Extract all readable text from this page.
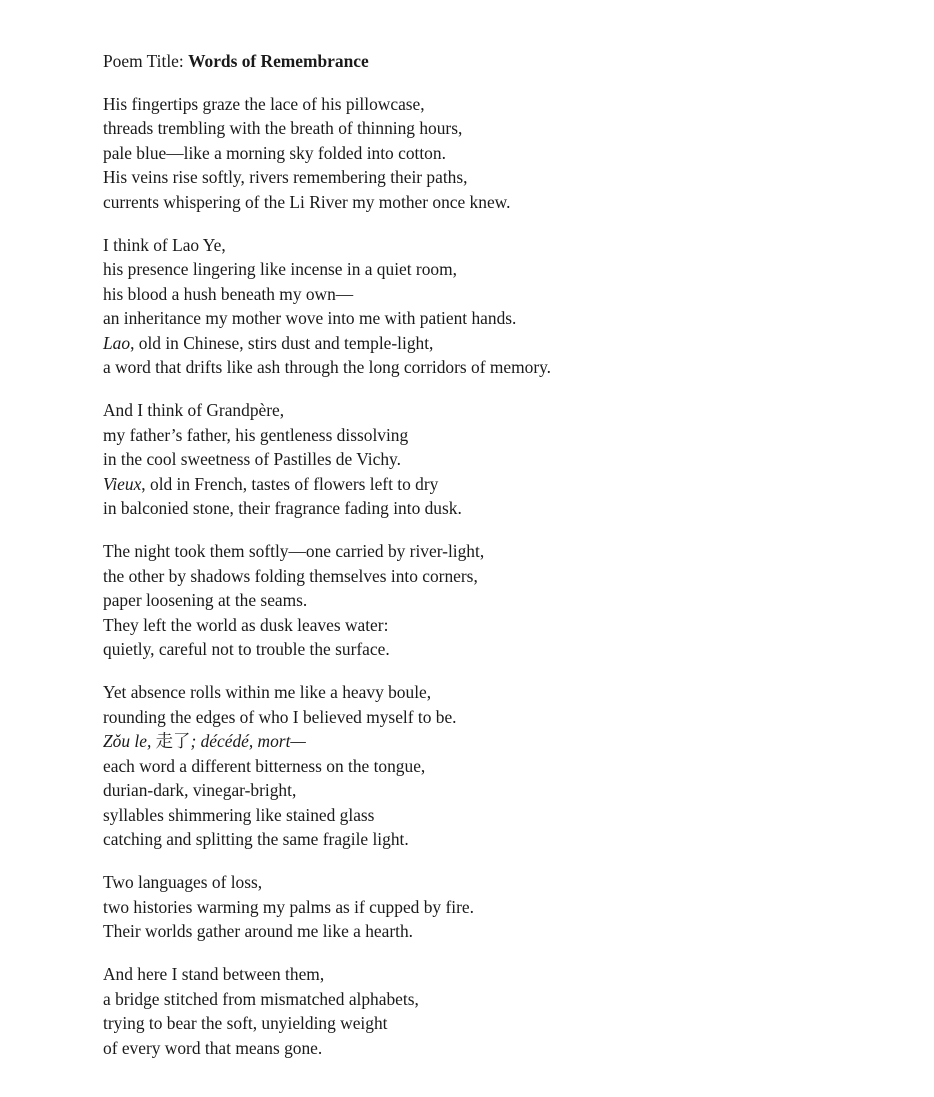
Poem Title: Words of Remembrance
His fingertips graze the lace of his pillowcase,
threads trembling with the breath of thinning hours,
pale blue—like a morning sky folded into cotton.
His veins rise softly, rivers remembering their paths,
currents whispering of the Li River my mother once knew.
I think of Lao Ye,
his presence lingering like incense in a quiet room,
his blood a hush beneath my own—
an inheritance my mother wove into me with patient hands.
Lao, old in Chinese, stirs dust and temple-light,
a word that drifts like ash through the long corridors of memory.
And I think of Grandpère,
my father’s father, his gentleness dissolving
in the cool sweetness of Pastilles de Vichy.
Vieux, old in French, tastes of flowers left to dry
in balconied stone, their fragrance fading into dusk.
The night took them softly—one carried by river-light,
the other by shadows folding themselves into corners,
paper loosening at the seams.
They left the world as dusk leaves water:
quietly, careful not to trouble the surface.
Yet absence rolls within me like a heavy boule,
rounding the edges of who I believed myself to be.
Zǒu le, 走了; décédé, mort—
each word a different bitterness on the tongue,
durian-dark, vinegar-bright,
syllables shimmering like stained glass
catching and splitting the same fragile light.
Two languages of loss,
two histories warming my palms as if cupped by fire.
Their worlds gather around me like a hearth.
And here I stand between them,
a bridge stitched from mismatched alphabets,
trying to bear the soft, unyielding weight
of every word that means gone.
